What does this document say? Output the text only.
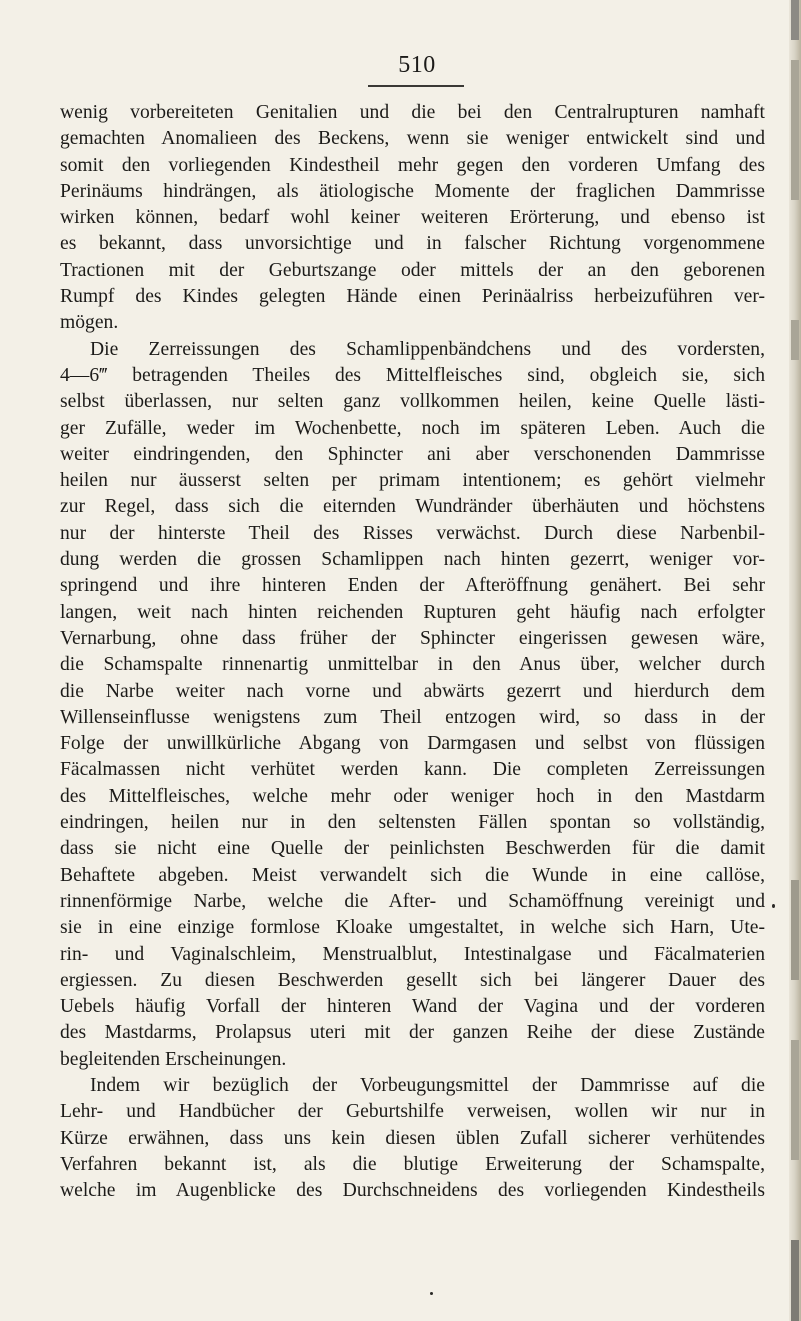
510
wenig vorbereiteten Genitalien und die bei den Centralrupturen namhaft
gemachten Anomalieen des Beckens, wenn sie weniger entwickelt sind und
somit den vorliegenden Kindestheil mehr gegen den vorderen Umfang des
Perinäums hindrängen, als ätiologische Momente der fraglichen Dammrisse
wirken können, bedarf wohl keiner weiteren Erörterung, und ebenso ist
es bekannt, dass unvorsichtige und in falscher Richtung vorgenommene
Tractionen mit der Geburtszange oder mittels der an den geborenen
Rumpf des Kindes gelegten Hände einen Perinäalriss herbeizuführen ver-
mögen.
Die Zerreissungen des Schamlippenbändchens und des vordersten,
4—6‴ betragenden Theiles des Mittelfleisches sind, obgleich sie, sich
selbst überlassen, nur selten ganz vollkommen heilen, keine Quelle lästi-
ger Zufälle, weder im Wochenbette, noch im späteren Leben. Auch die
weiter eindringenden, den Sphincter ani aber verschonenden Dammrisse
heilen nur äusserst selten per primam intentionem; es gehört vielmehr
zur Regel, dass sich die eiternden Wundränder überhäuten und höchstens
nur der hinterste Theil des Risses verwächst. Durch diese Narbenbil-
dung werden die grossen Schamlippen nach hinten gezerrt, weniger vor-
springend und ihre hinteren Enden der Afteröffnung genähert. Bei sehr
langen, weit nach hinten reichenden Rupturen geht häufig nach erfolgter
Vernarbung, ohne dass früher der Sphincter eingerissen gewesen wäre,
die Schamspalte rinnenartig unmittelbar in den Anus über, welcher durch
die Narbe weiter nach vorne und abwärts gezerrt und hierdurch dem
Willenseinflusse wenigstens zum Theil entzogen wird, so dass in der
Folge der unwillkürliche Abgang von Darmgasen und selbst von flüssigen
Fäcalmassen nicht verhütet werden kann. Die completen Zerreissungen
des Mittelfleisches, welche mehr oder weniger hoch in den Mastdarm
eindringen, heilen nur in den seltensten Fällen spontan so vollständig,
dass sie nicht eine Quelle der peinlichsten Beschwerden für die damit
Behaftete abgeben. Meist verwandelt sich die Wunde in eine callöse,
rinnenförmige Narbe, welche die After- und Schamöffnung vereinigt und
sie in eine einzige formlose Kloake umgestaltet, in welche sich Harn, Ute-
rin- und Vaginalschleim, Menstrualblut, Intestinalgase und Fäcalmaterien
ergiessen. Zu diesen Beschwerden gesellt sich bei längerer Dauer des
Uebels häufig Vorfall der hinteren Wand der Vagina und der vorderen
des Mastdarms, Prolapsus uteri mit der ganzen Reihe der diese Zustände
begleitenden Erscheinungen.
Indem wir bezüglich der Vorbeugungsmittel der Dammrisse auf die
Lehr- und Handbücher der Geburtshilfe verweisen, wollen wir nur in
Kürze erwähnen, dass uns kein diesen üblen Zufall sicherer verhütendes
Verfahren bekannt ist, als die blutige Erweiterung der Schamspalte,
welche im Augenblicke des Durchschneidens des vorliegenden Kindestheils
